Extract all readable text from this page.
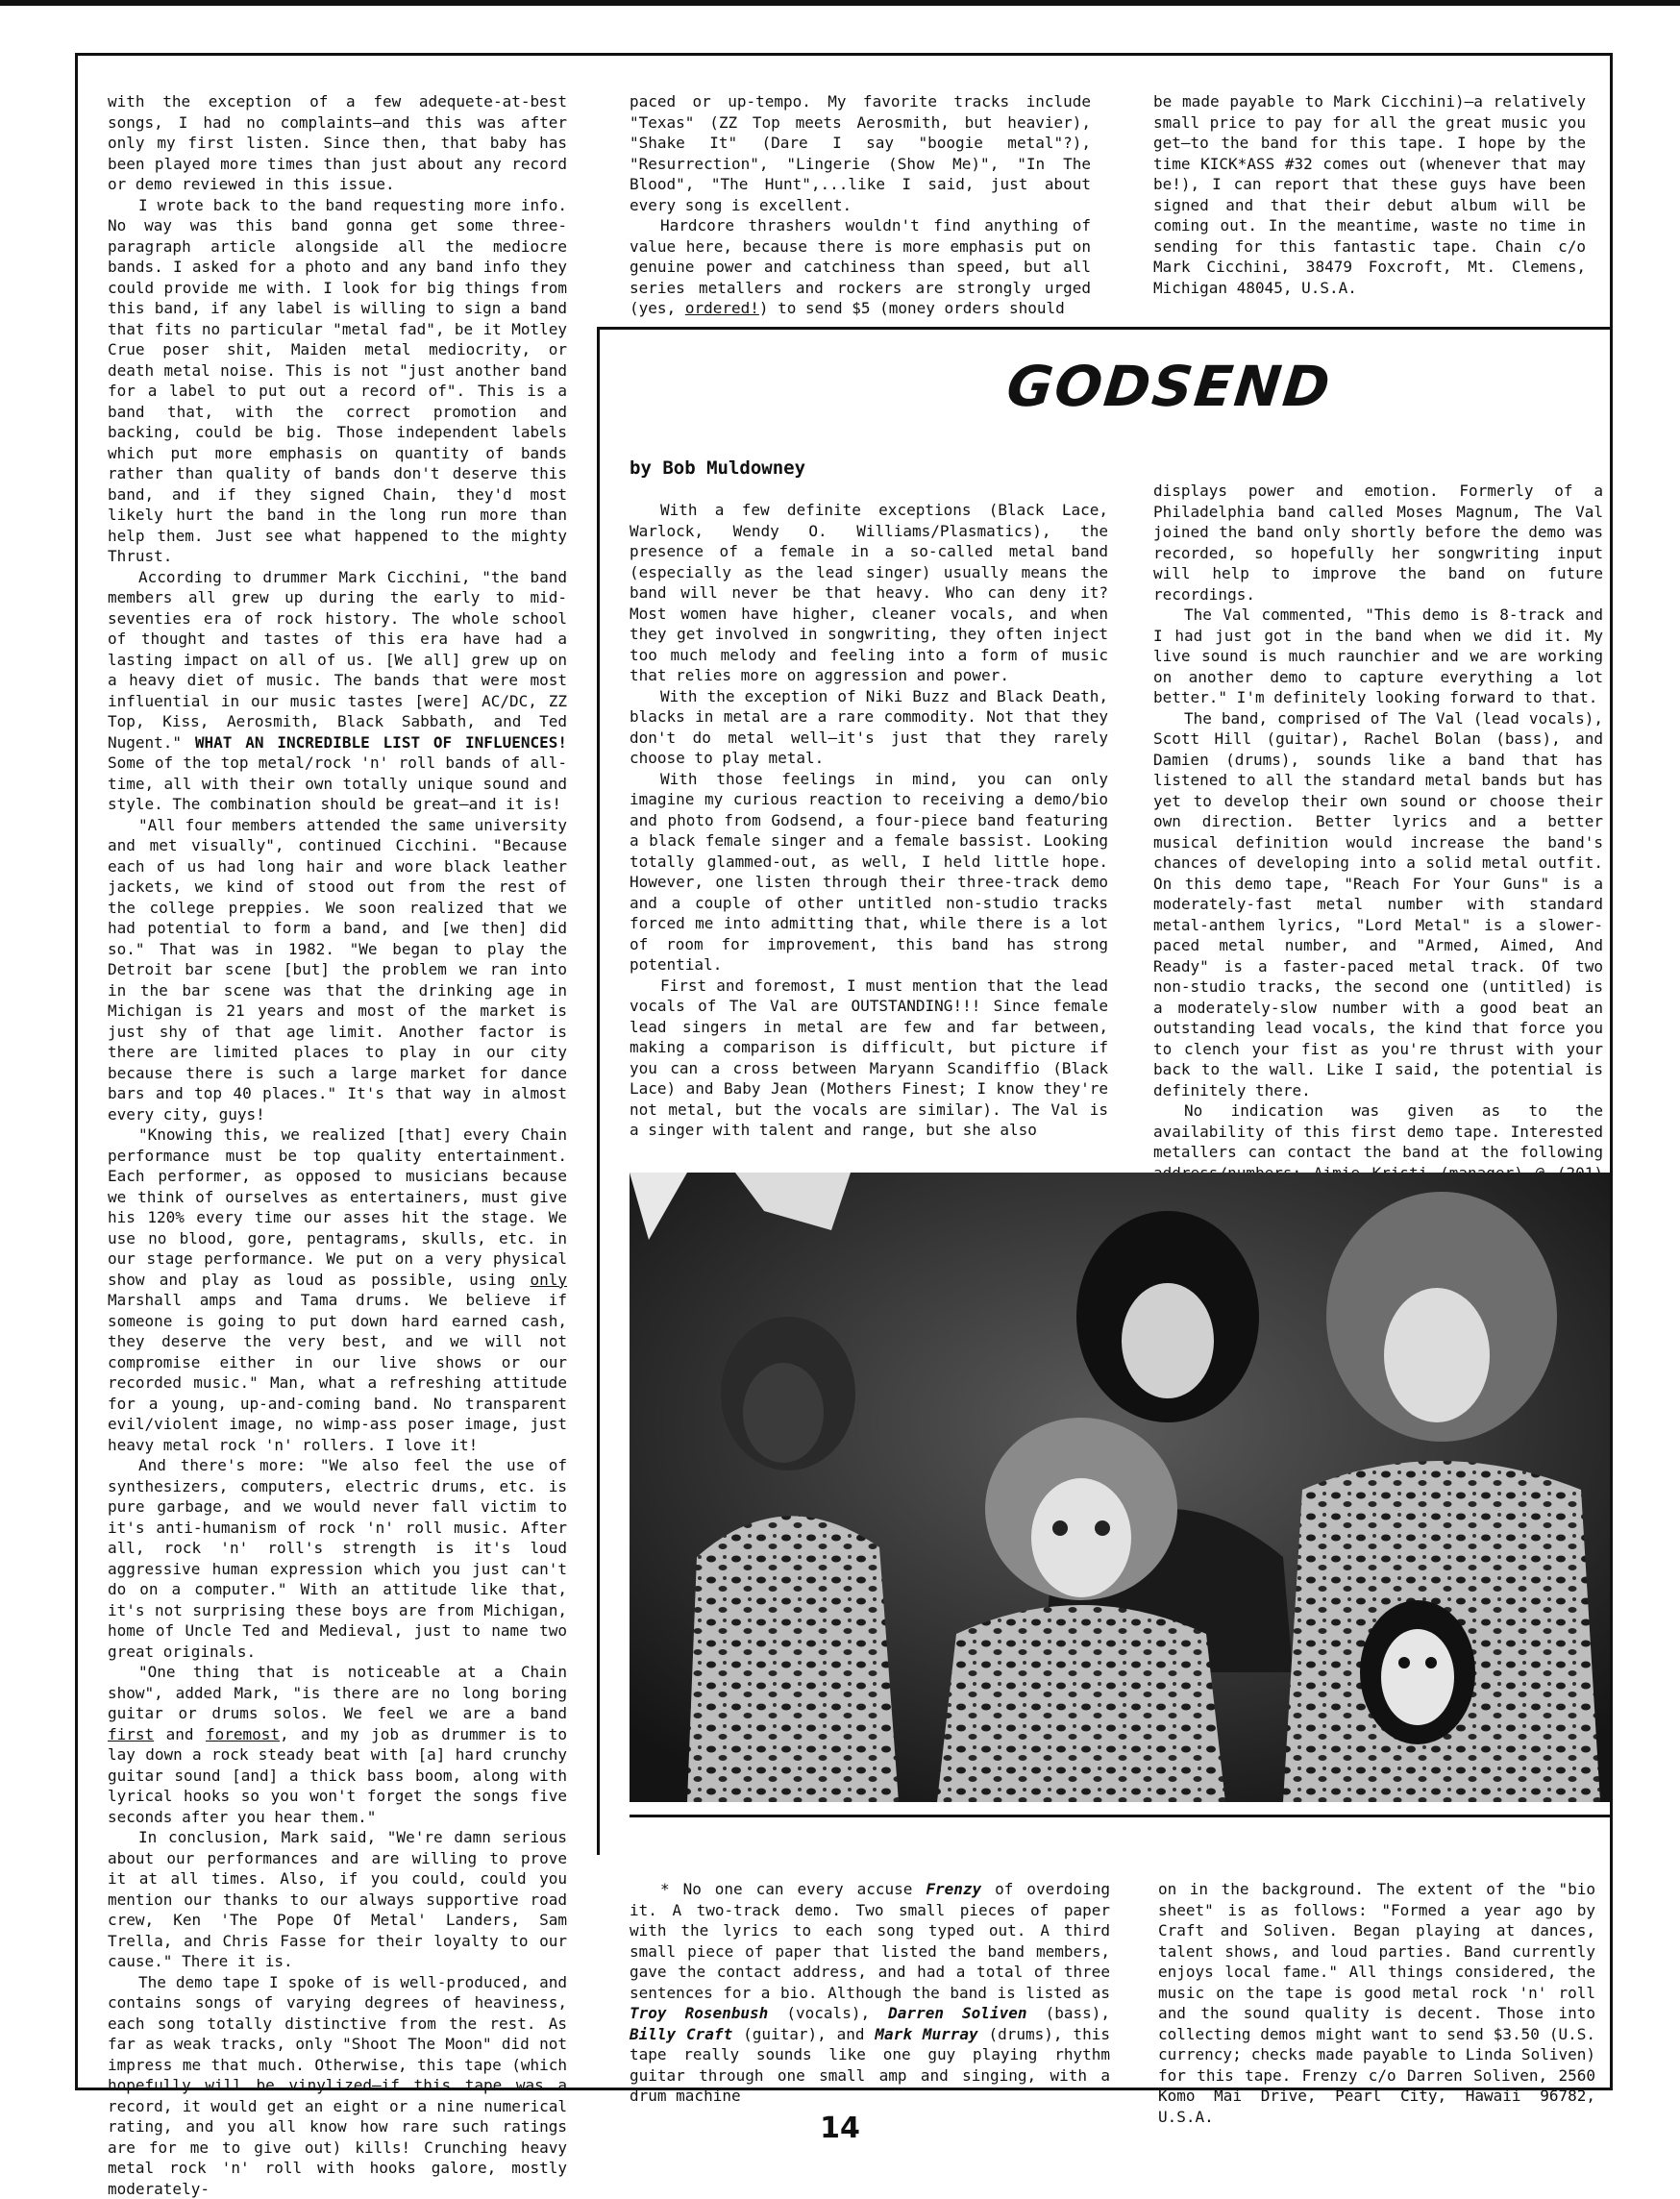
with the exception of a few adequete-at-best songs, I had no complaints—and this was after only my first listen. Since then, that baby has been played more times than just about any record or demo reviewed in this issue.

I wrote back to the band requesting more info. No way was this band gonna get some three-paragraph article alongside all the mediocre bands. I asked for a photo and any band info they could provide me with. I look for big things from this band, if any label is willing to sign a band that fits no particular "metal fad", be it Motley Crue poser shit, Maiden metal mediocrity, or death metal noise. This is not "just another band for a label to put out a record of". This is a band that, with the correct promotion and backing, could be big. Those independent labels which put more emphasis on quantity of bands rather than quality of bands don't deserve this band, and if they signed Chain, they'd most likely hurt the band in the long run more than help them. Just see what happened to the mighty Thrust.

According to drummer Mark Cicchini, "the band members all grew up during the early to mid-seventies era of rock history. The whole school of thought and tastes of this era have had a lasting impact on all of us. [We all] grew up on a heavy diet of music. The bands that were most influential in our music tastes [were] AC/DC, ZZ Top, Kiss, Aerosmith, Black Sabbath, and Ted Nugent." WHAT AN INCREDIBLE LIST OF INFLUENCES! Some of the top metal/rock 'n' roll bands of all-time, all with their own totally unique sound and style. The combination should be great—and it is!

"All four members attended the same university and met visually", continued Cicchini. "Because each of us had long hair and wore black leather jackets, we kind of stood out from the rest of the college preppies. We soon realized that we had potential to form a band, and [we then] did so." That was in 1982. "We began to play the Detroit bar scene [but] the problem we ran into in the bar scene was that the drinking age in Michigan is 21 years and most of the market is just shy of that age limit. Another factor is there are limited places to play in our city because there is such a large market for dance bars and top 40 places." It's that way in almost every city, guys!

"Knowing this, we realized [that] every Chain performance must be top quality entertainment. Each performer, as opposed to musicians because we think of ourselves as entertainers, must give his 120% every time our asses hit the stage. We use no blood, gore, pentagrams, skulls, etc. in our stage performance. We put on a very physical show and play as loud as possible, using only Marshall amps and Tama drums. We believe if someone is going to put down hard earned cash, they deserve the very best, and we will not compromise either in our live shows or our recorded music." Man, what a refreshing attitude for a young, up-and-coming band. No transparent evil/violent image, no wimp-ass poser image, just heavy metal rock 'n' rollers. I love it!

And there's more: "We also feel the use of synthesizers, computers, electric drums, etc. is pure garbage, and we would never fall victim to it's anti-humanism of rock 'n' roll music. After all, rock 'n' roll's strength is it's loud aggressive human expression which you just can't do on a computer." With an attitude like that, it's not surprising these boys are from Michigan, home of Uncle Ted and Medieval, just to name two great originals.

"One thing that is noticeable at a Chain show", added Mark, "is there are no long boring guitar or drums solos. We feel we are a band first and foremost, and my job as drummer is to lay down a rock steady beat with [a] hard crunchy guitar sound [and] a thick bass boom, along with lyrical hooks so you won't forget the songs five seconds after you hear them."

In conclusion, Mark said, "We're damn serious about our performances and are willing to prove it at all times. Also, if you could, could you mention our thanks to our always supportive road crew, Ken 'The Pope Of Metal' Landers, Sam Trella, and Chris Fasse for their loyalty to our cause." There it is.

The demo tape I spoke of is well-produced, and contains songs of varying degrees of heaviness, each song totally distinctive from the rest. As far as weak tracks, only "Shoot The Moon" did not impress me that much. Otherwise, this tape (which hopefully will be vinylized—if this tape was a record, it would get an eight or a nine numerical rating, and you all know how rare such ratings are for me to give out) kills! Crunching heavy metal rock 'n' roll with hooks galore, mostly moderately-

paced or up-tempo. My favorite tracks include "Texas" (ZZ Top meets Aerosmith, but heavier), "Shake It" (Dare I say "boogie metal"?), "Resurrection", "Lingerie (Show Me)", "In The Blood", "The Hunt",...like I said, just about every song is excellent.

Hardcore thrashers wouldn't find anything of value here, because there is more emphasis put on genuine power and catchiness than speed, but all series metallers and rockers are strongly urged (yes, ordered!) to send $5 (money orders should

be made payable to Mark Cicchini)—a relatively small price to pay for all the great music you get—to the band for this tape. I hope by the time KICK*ASS #32 comes out (whenever that may be!), I can report that these guys have been signed and that their debut album will be coming out. In the meantime, waste no time in sending for this fantastic tape. Chain c/o Mark Cicchini, 38479 Foxcroft, Mt. Clemens, Michigan 48045, U.S.A.

GODSEND
by Bob Muldowney

With a few definite exceptions (Black Lace, Warlock, Wendy O. Williams/Plasmatics), the presence of a female in a so-called metal band (especially as the lead singer) usually means the band will never be that heavy. Who can deny it? Most women have higher, cleaner vocals, and when they get involved in songwriting, they often inject too much melody and feeling into a form of music that relies more on aggression and power.

With the exception of Niki Buzz and Black Death, blacks in metal are a rare commodity. Not that they don't do metal well—it's just that they rarely choose to play metal.

With those feelings in mind, you can only imagine my curious reaction to receiving a demo/bio and photo from Godsend, a four-piece band featuring a black female singer and a female bassist. Looking totally glammed-out, as well, I held little hope. However, one listen through their three-track demo and a couple of other untitled non-studio tracks forced me into admitting that, while there is a lot of room for improvement, this band has strong potential.

First and foremost, I must mention that the lead vocals of The Val are OUTSTANDING!!! Since female lead singers in metal are few and far between, making a comparison is difficult, but picture if you can a cross between Maryann Scandiffio (Black Lace) and Baby Jean (Mothers Finest; I know they're not metal, but the vocals are similar). The Val is a singer with talent and range, but she also

displays power and emotion. Formerly of a Philadelphia band called Moses Magnum, The Val joined the band only shortly before the demo was recorded, so hopefully her songwriting input will help to improve the band on future recordings.

The Val commented, "This demo is 8-track and I had just got in the band when we did it. My live sound is much raunchier and we are working on another demo to capture everything a lot better." I'm definitely looking forward to that.

The band, comprised of The Val (lead vocals), Scott Hill (guitar), Rachel Bolan (bass), and Damien (drums), sounds like a band that has listened to all the standard metal bands but has yet to develop their own sound or choose their own direction. Better lyrics and a better musical definition would increase the band's chances of developing into a solid metal outfit. On this demo tape, "Reach For Your Guns" is a moderately-fast metal number with standard metal-anthem lyrics, "Lord Metal" is a slower-paced metal number, and "Armed, Aimed, And Ready" is a faster-paced metal track. Of two non-studio tracks, the second one (untitled) is a moderately-slow number with a good beat an outstanding lead vocals, the kind that force you to clench your fist as you're thrust with your back to the wall. Like I said, the potential is definitely there.

No indication was given as to the availability of this first demo tape. Interested metallers can contact the band at the following

* No one can every accuse Frenzy of overdoing it. A two-track demo. Two small pieces of paper with the lyrics to each song typed out. A third small piece of paper that listed the band members, gave the contact address, and had a total of three sentences for a bio. Although the band is listed as Troy Rosenbush (vocals), Darren Soliven (bass), Billy Craft (guitar), and Mark Murray (drums), this tape really sounds like one guy playing rhythm guitar through one small amp and singing, with a drum machine

on in the background. The extent of the "bio sheet" is as follows: "Formed a year ago by Craft and Soliven. Began playing at dances, talent shows, and loud parties. Band currently enjoys local fame." All things considered, the music on the tape is good metal rock 'n' roll and the sound quality is decent. Those into collecting demos might want to send $3.50 (U.S. currency; checks made payable to Linda Soliven) for this tape. Frenzy c/o Darren Soliven, 2560 Komo Mai Drive, Pearl City, Hawaii 96782, U.S.A.

14
